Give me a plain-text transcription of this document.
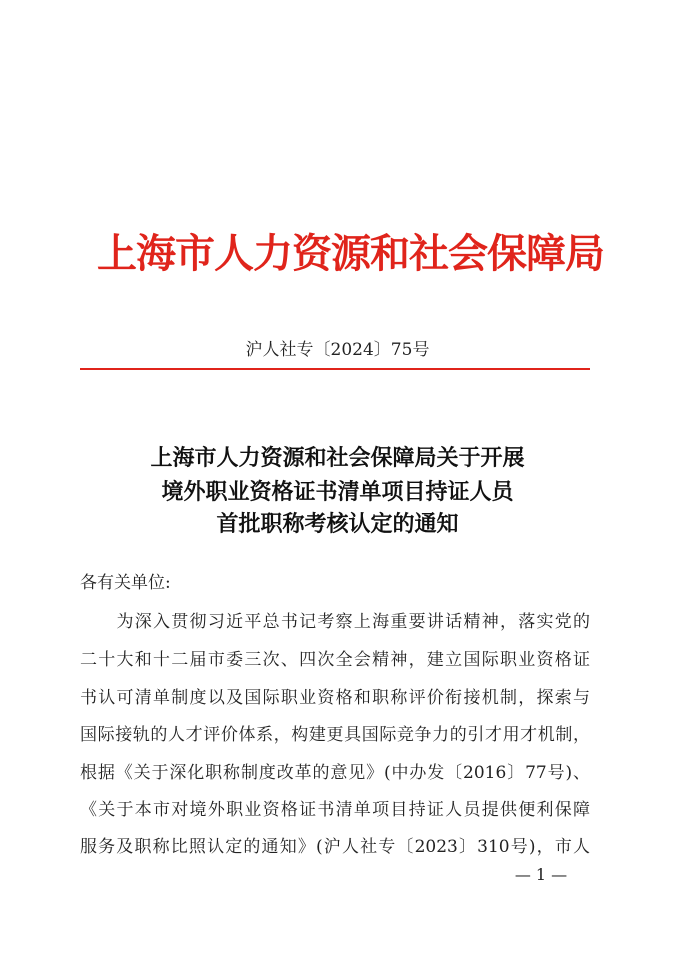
上海市人力资源和社会保障局
沪人社专〔2024〕75号
上海市人力资源和社会保障局关于开展
境外职业资格证书清单项目持证人员
首批职称考核认定的通知
各有关单位:
　　为深入贯彻习近平总书记考察上海重要讲话精神，落实党的
二十大和十二届市委三次、四次全会精神，建立国际职业资格证
书认可清单制度以及国际职业资格和职称评价衔接机制，探索与
国际接轨的人才评价体系，构建更具国际竞争力的引才用才机制，
根据《关于深化职称制度改革的意见》(中办发〔2016〕77号)、
《关于本市对境外职业资格证书清单项目持证人员提供便利保障
服务及职称比照认定的通知》(沪人社专〔2023〕310号)，市人
— 1 —
